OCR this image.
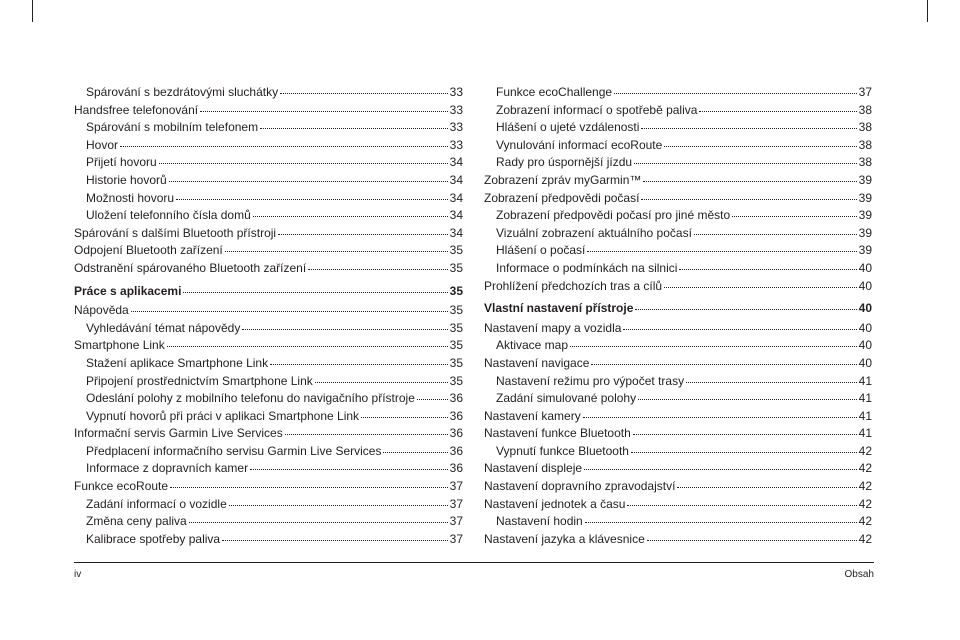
Spárování s bezdrátovými sluchátky	33
Handsfree telefonování	33
Spárování s mobilním telefonem	33
Hovor	33
Přijetí hovoru	34
Historie hovorů	34
Možnosti hovoru	34
Uložení telefonního čísla domů	34
Spárování s dalšími Bluetooth přístroji	34
Odpojení Bluetooth zařízení	35
Odstranění spárovaného Bluetooth zařízení	35
Práce s aplikacemi	35
Nápověda	35
Vyhledávání témat nápovědy	35
Smartphone Link	35
Stažení aplikace Smartphone Link	35
Připojení prostřednictvím Smartphone Link	35
Odeslání polohy z mobilního telefonu do navigačního přístroje	36
Vypnutí hovorů při práci v aplikaci Smartphone Link	36
Informační servis Garmin Live Services	36
Předplacení informačního servisu Garmin Live Services	36
Informace z dopravních kamer	36
Funkce ecoRoute	37
Zadání informací o vozidle	37
Změna ceny paliva	37
Kalibrace spotřeby paliva	37
Funkce ecoChallenge	37
Zobrazení informací o spotřebě paliva	38
Hlášení o ujeté vzdálenosti	38
Vynulování informací ecoRoute	38
Rady pro úspornější jízdu	38
Zobrazení zpráv myGarmin™	39
Zobrazení předpovědi počasí	39
Zobrazení předpovědi počasí pro jiné město	39
Vizuální zobrazení aktuálního počasí	39
Hlášení o počasí	39
Informace o podmínkách na silnici	40
Prohlížení předchozích tras a cílů	40
Vlastní nastavení přístroje	40
Nastavení mapy a vozidla	40
Aktivace map	40
Nastavení navigace	40
Nastavení režimu pro výpočet trasy	41
Zadání simulované polohy	41
Nastavení kamery	41
Nastavení funkce Bluetooth	41
Vypnutí funkce Bluetooth	42
Nastavení displeje	42
Nastavení dopravního zpravodajství	42
Nastavení jednotek a času	42
Nastavení hodin	42
Nastavení jazyka a klávesnice	42
iv	Obsah
